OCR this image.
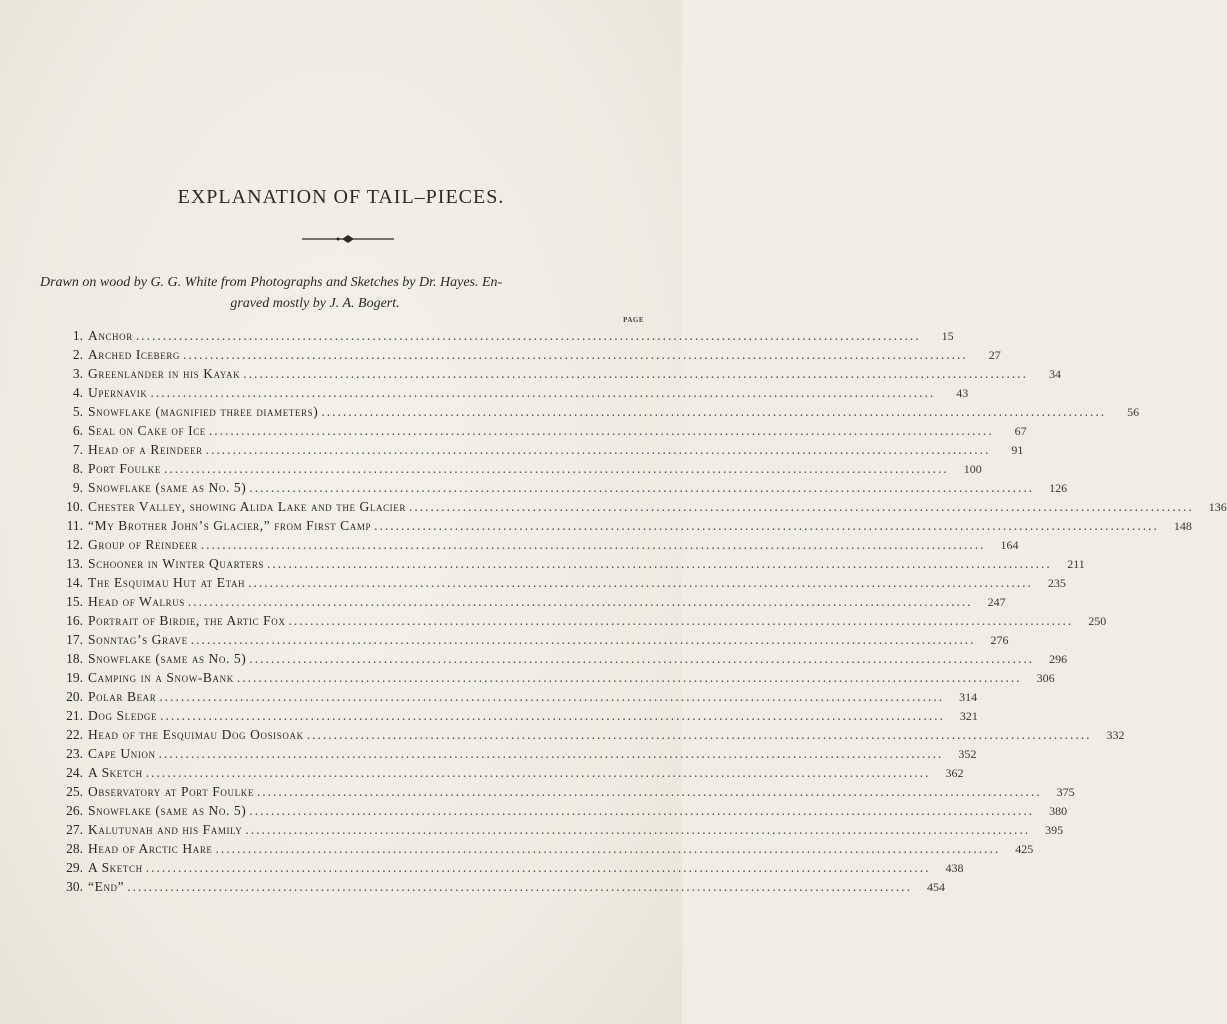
EXPLANATION OF TAIL–PIECES.
Drawn on wood by G. G. White from Photographs and Sketches by Dr. Hayes. En-
graved mostly by J. A. Bogert.
PAGE
1. Anchor .....	15
2. Arched Iceberg .....	27
3. Greenlander in his Kayak .....	34
4. Upernavik .....	43
5. Snowflake (magnified three diameters) .....	56
6. Seal on Cake of Ice .....	67
7. Head of a Reindeer .....	91
8. Port Foulke .....	100
9. Snowflake (same as No. 5) .....	126
10. Chester Valley, showing Alida Lake and the Glacier .....	136
11. “My Brother John’s Glacier,” from First Camp .....	148
12. Group of Reindeer .....	164
13. Schooner in Winter Quarters .....	211
14. The Esquimau Hut at Etah .....	235
15. Head of Walrus .....	247
16. Portrait of Birdie, the Artic Fox .....	250
17. Sonntag’s Grave .....	276
18. Snowflake (same as No. 5) .....	296
19. Camping in a Snow-Bank .....	306
20. Polar Bear .....	314
21. Dog Sledge .....	321
22. Head of the Esquimau Dog Oosisoak .....	332
23. Cape Union .....	352
24. A Sketch .....	362
25. Observatory at Port Foulke .....	375
26. Snowflake (same as No. 5) .....	380
27. Kalutunah and his Family .....	395
28. Head of Arctic Hare .....	425
29. A Sketch .....	438
30. “End” .....	454
